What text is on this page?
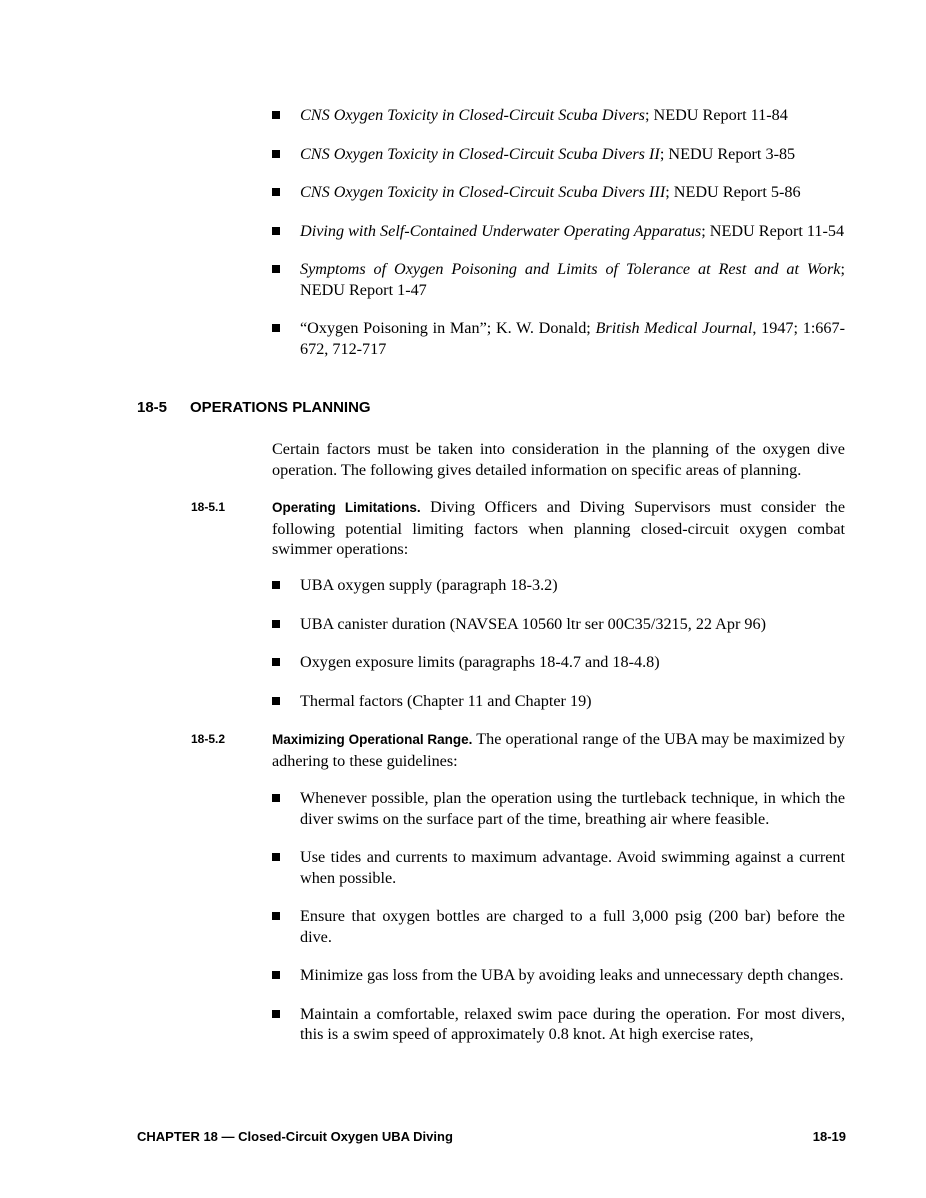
CNS Oxygen Toxicity in Closed-Circuit Scuba Divers; NEDU Report 11-84
CNS Oxygen Toxicity in Closed-Circuit Scuba Divers II; NEDU Report 3-85
CNS Oxygen Toxicity in Closed-Circuit Scuba Divers III; NEDU Report 5-86
Diving with Self-Contained Underwater Operating Apparatus; NEDU Report 11-54
Symptoms of Oxygen Poisoning and Limits of Tolerance at Rest and at Work; NEDU Report 1-47
“Oxygen Poisoning in Man”; K. W. Donald; British Medical Journal, 1947; 1:667-672, 712-717
18-5 OPERATIONS PLANNING

Certain factors must be taken into consideration in the planning of the oxygen dive operation. The following gives detailed information on specific areas of planning.

18-5.1	Operating Limitations. Diving Officers and Diving Supervisors must consider the following potential limiting factors when planning closed-circuit oxygen combat swimmer operations:

UBA oxygen supply (paragraph 18-3.2)
UBA canister duration (NAVSEA 10560 ltr ser 00C35/3215, 22 Apr 96)
Oxygen exposure limits (paragraphs 18-4.7 and 18-4.8)
Thermal factors (Chapter 11 and Chapter 19)
18-5.2	Maximizing Operational Range. The operational range of the UBA may be maximized by adhering to these guidelines:

Whenever possible, plan the operation using the turtleback technique, in which the diver swims on the surface part of the time, breathing air where feasible.
Use tides and currents to maximum advantage. Avoid swimming against a current when possible.
Ensure that oxygen bottles are charged to a full 3,000 psig (200 bar) before the dive.
Minimize gas loss from the UBA by avoiding leaks and unnecessary depth changes.
Maintain a comfortable, relaxed swim pace during the operation. For most divers, this is a swim speed of approximately 0.8 knot. At high exercise rates,
CHAPTER 18 — Closed-Circuit Oxygen UBA Diving	18-19
